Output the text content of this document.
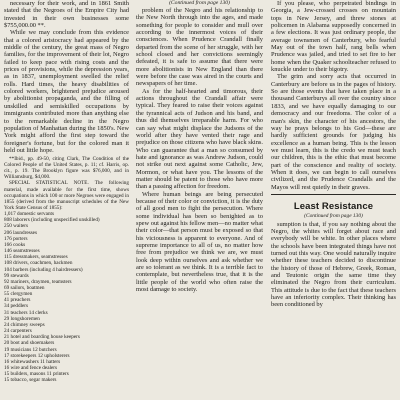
necessary for their work, and in 1861 Smith stated that the Negroes of the Empire City had invested in their own businesses some $755,000.00 **.

While we may conclude from this evidence that a colored aristocracy had appeared by the middle of the century, the great mass of Negro families, for the improvement of their lot, Negro failed to keep pace with rising costs and the prices of provisions, while the depression years, as in 1837, unemployment swelled the relief rolls. Hard times, the heavy disabilities of colored workers, brightened prejudice aroused by abolitionist propaganda, and the filling of unskilled and semiskilled occupations by immigrants contributed more than anything else to the remarkable decline in the Negro population of Manhattan during the 1850's. New York might afford the first step toward the foreigner's fortune, but for the colored man it held out little hope.

**Ibid., pp. 49-50, citing Clark, The Condition of the Colored People of the United States, p. 11; cf. Harris, op. cit., p. 19. The Brooklyn figure was $76,000, and in Williamsburg, $4,000.

SPECIAL STATISTICAL NOTE. The following material, made available for the first time, shows occupations in which 100 or more Negroes were engaged in 1855 (derived from the manuscript schedules of the New York State Census of 1855):

1,017 domestic servants
808 laborers (including unspecified unskilled)
250 waiters
206 laundresses
176 porters
166 cooks
146 seamstresses
115 dressmakers, seamstresses
108 drivers, coachmen, hackmen
104 barbers (including 4 hairdressers)
99 stewards
92 mariners, draymen, teamsters
69 sailors, boatmen
55 clergymen
41 preachers
34 peddlers
31 teachers 14 clerks
29 longshoremen
24 chimney sweeps
24 carpenters
21 hotel and boarding house keepers
20 boot and shoemakers
19 musicians 12 butchers
17 storekeepers 12 upholsterers
16 whitewashers 11 hatters
16 wire and fence dealers
15 builders, masons 11 printers
15 tobacco, segar makers
(Continued from page 130)

problem of the Negro and his relationship to the New North through into the ages, and made something for people to consider and mull over according to the innermost voices of their consciences. When Prudence Crandall finally departed from the scene of her struggle, with her school closed and her convictions seemingly defeated, it is safe to assume that there were more abolitionists in New England than there were before the case was aired in the courts and newspapers of her time.

As for the half-hearted and timorous, their actions throughout the Crandall affair were typical. They feared to raise their voices against the tyrannical acts of Judson and his band, and thus did themselves irreparable harm. For who can say what might displace the Judsons of the world after they have vented their rage and prejudice on those citizens who have black skins. Who can guarantee that a man so consumed by hate and ignorance as was Andrew Judson, could not strike out next against some Catholic, Jew, Mormon, or what have you. The lessons of the matter should be patent to those who have more than a passing affection for freedom.

Where human beings are being persecuted because of their color or conviction, it is the duty of all good men to fight the persecution. Where some individual has been so benighted as to spew out against his fellow men—no matter what their color—that person must be exposed so that his viciousness is apparent to everyone. And of supreme importance to all of us, no matter how free from prejudice we think we are, we must look deep within ourselves and ask whether we are so tolerant as we think. It is a terrible fact to contemplate, but nevertheless true, that it is the little people of the world who often raise the most damage to society.

If you please, who perpetrated bindings in Georgia, a Jew-crossed crosses on mountain tops in New Jersey, and threw stones at policemen in Alabama supposedly concerned in a few elections. It was just ordinary people, the average townsmen of Canterbury, who fearful May out of the town half, rang bells when Prudence was jailed, and tried to set fire to her home when the Quaker schoolteacher refused to knuckle under to their bigotry.

The grim and sorry acts that occurred in Canterbury are before us in the pages of history. So are those events that have taken place in a thousand Canterburys all over the country since 1833, and we have equally damaging to our democracy and our freedoms. The color of a man's skin, the character of his ancestors, the way he prays belongs to his God—these are hardly sufficient grounds for judging his excellence as a human being. This is the lesson we must learn, this is the credo we must teach our children, this is the ethic that must become part of the conscience and reality of society. When it does, we can begin to call ourselves civilized, and the Prudence Crandalls and the Mayos will rest quietly in their graves.

Least Resistance
(Continued from page 130)

sumption is that, if you say nothing about the Negro, the whites will forget about race and everybody will be white. In other places where the schools have been integrated things have not turned out this way. One would naturally inquire whether these teachers decided to discontinue the history of those of Hebrew, Greek, Roman, and Teutonic origin the same time they eliminated the Negro from their curriculum. This attitude is due to the fact that these teachers have an inferiority complex. Their thinking has been conditioned by
